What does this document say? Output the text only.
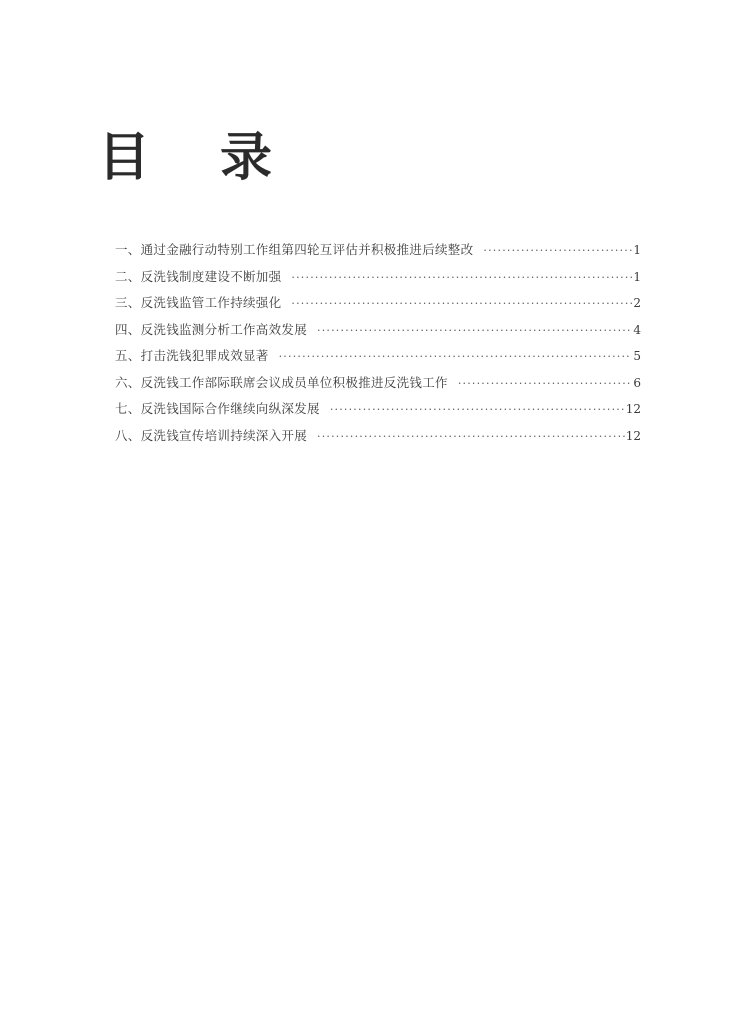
目	录
一、通过金融行动特别工作组第四轮互评估并积极推进后续整改 ·····	1
二、反洗钱制度建设不断加强 ·····	1
三、反洗钱监管工作持续强化 ·····	2
四、反洗钱监测分析工作高效发展 ·····	4
五、打击洗钱犯罪成效显著 ·····	5
六、反洗钱工作部际联席会议成员单位积极推进反洗钱工作 ·····	6
七、反洗钱国际合作继续向纵深发展 ·····	12
八、反洗钱宣传培训持续深入开展 ·····	12
